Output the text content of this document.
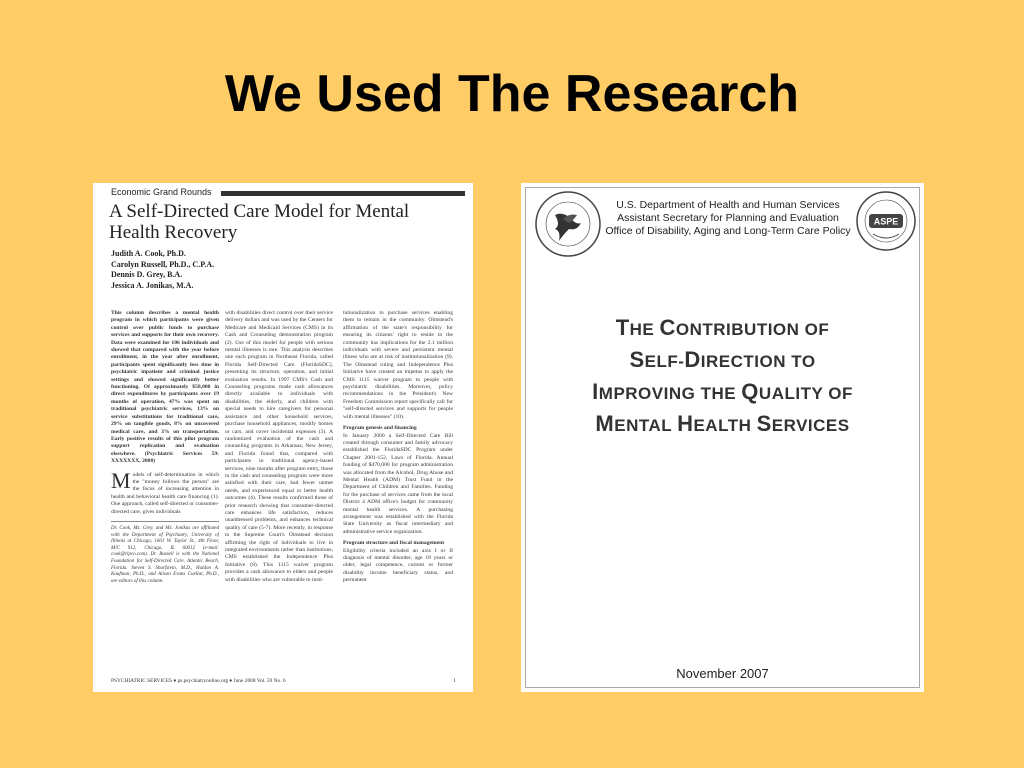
We Used The Research
Economic Grand Rounds
A Self-Directed Care Model for Mental Health Recovery
Judith A. Cook, Ph.D.
Carolyn Russell, Ph.D., C.P.A.
Dennis D. Grey, B.A.
Jessica A. Jonikas, M.A.
This column describes a mental health program in which participants were given control over public funds to purchase services and supports for their own recovery. Data were examined for 106 individuals and showed that compared with the year before enrollment, in the year after enrollment, participants spent significantly less time in psychiatric inpatient and criminal justice settings and showed significantly better functioning. Of approximately $58,000 in direct expenditures by participants over 19 months of operation, 47% was spent on traditional psychiatric services, 13% on service substitutions for traditional care, 29% on tangible goods, 8% on uncovered medical care, and 3% on transportation. Early positive results of this pilot program support replication and evaluation elsewhere. (Psychiatric Services 59: XXXXXXX, 2008)
Models of self-determination in which the "money follows the person" are the focus of increasing attention in health and behavioral health care financing (1). One approach, called self-directed or consumer-directed care, gives individuals
Dr. Cook, Ms. Grey, and Ms. Jonikas are affiliated with the Department of Psychiatry, University of Illinois at Chicago, 1601 W. Taylor St., 4th Floor, M/C 912, Chicago, IL 60612 (e-mail: cook@ripco.com). Dr. Russell is with the National Foundation for Self-Directed Care, Atlantic Beach, Florida. Steven S. Sharfstein, M.D., Haldon A. Kaufman, Ph.D., and Alison Evans Cuellar, Ph.D., are editors of this column.
with disabilities direct control over their service delivery dollars and was used by the Centers for Medicare and Medicaid Services (CMS) in its Cash and Counseling demonstration program (2). Use of this model for people with serious mental illnesses is rare. This analysis describes one such program in Northeast Florida, called Florida Self-Directed Care (FloridaSDC), presenting its structure, operation, and initial evaluation results. In 1997 CMS's Cash and Counseling programs made cash allowances directly available to individuals with disabilities, the elderly, and children with special needs to hire caregivers for personal assistance and other household services, purchase household appliances, modify homes or cars, and cover incidental expenses (3). A randomized evaluation of the cash and counseling programs in Arkansas, New Jersey, and Florida found that, compared with participants in traditional agency-based services, nine months after program entry, those in the cash and counseling program were more satisfied with their care, had fewer unmet needs, and experienced equal or better health outcomes (4). These results confirmed those of prior research showing that consumer-directed care enhances life satisfaction, reduces unaddressed problems, and enhances technical quality of care (5-7). More recently, in response to the Supreme Court's Olmstead decision affirming the right of individuals to live in integrated environments rather than institutions, CMS established the Independence Plus Initiative (8). This 1115 waiver program provides a cash allowance to elders and people with disabilities who are vulnerable to insti-
tutionalization to purchase services enabling them to remain in the community. Olmstead's affirmation of the state's responsibility for ensuring its citizens' right to reside in the community has implications for the 2.1 million individuals with severe and persistent mental illness who are at risk of institutionalization (9). The Olmstead ruling and Independence Plus Initiative have created an impetus to apply the CMS 1115 waiver program to people with psychiatric disabilities. Moreover, policy recommendations in the President's New Freedom Commission report specifically call for "self-directed services and supports for people with mental illnesses" (10).
Program genesis and financing
In January 2000 a Self-Directed Care Bill created through consumer and family advocacy established the FloridaSDC Program under Chapter 2001-152, Laws of Florida. Annual funding of $470,000 for program administration was allocated from the Alcohol, Drug Abuse and Mental Health (ADM) Trust Fund in the Department of Children and Families. Funding for the purchase of services came from the local District 4 ADM office's budget for community mental health services. A purchasing arrangement was established with the Florida State University as fiscal intermediary and administrative service organization.
Program structure and fiscal management
Eligibility criteria included an axis I or II diagnosis of mental disorder, age 18 years or older, legal competence, current or former disability income beneficiary status, and permanent
PSYCHIATRIC SERVICES ♦ ps.psychiatryonline.org ♦ June 2008 Vol. 59 No. 6	1
U.S. Department of Health and Human Services
Assistant Secretary for Planning and Evaluation
Office of Disability, Aging and Long-Term Care Policy
ASPE
THE CONTRIBUTION OF
SELF-DIRECTION TO
IMPROVING THE QUALITY OF
MENTAL HEALTH SERVICES
November 2007
